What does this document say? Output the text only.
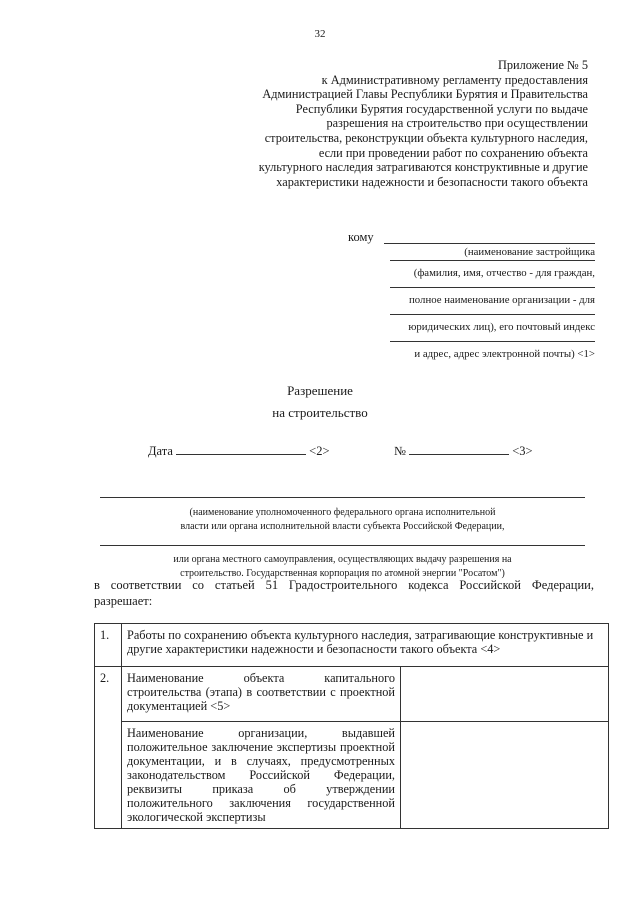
32
Приложение № 5
к Административному регламенту предоставления
Администрацией Главы Республики Бурятия и Правительства
Республики Бурятия государственной услуги по выдаче
разрешения на строительство при осуществлении
строительства, реконструкции объекта культурного наследия,
если при проведении работ по сохранению объекта
культурного наследия затрагиваются конструктивные и другие
характеристики надежности и безопасности такого объекта
кому
(наименование застройщика
(фамилия, имя, отчество - для граждан,
полное наименование организации - для
юридических лиц), его почтовый индекс
и адрес, адрес электронной почты) <1>
Разрешение
на строительство
Дата	<2>	№	<3>
(наименование уполномоченного федерального органа исполнительной
власти или органа исполнительной власти субъекта Российской Федерации,
или органа местного самоуправления, осуществляющих выдачу разрешения на
строительство. Государственная корпорация по атомной энергии "Росатом")
в соответствии со статьей 51 Градостроительного кодекса Российской Федерации,
разрешает:
1.	Работы по сохранению объекта культурного наследия, затрагивающие конструктивные и другие характеристики надежности и безопасности такого объекта <4>	
2.	Наименование объекта капитального строительства (этапа) в соответствии с проектной документацией <5>	
	Наименование организации, выдавшей положительное заключение экспертизы проектной документации, и в случаях, предусмотренных законодательством Российской Федерации, реквизиты приказа об утверждении положительного заключения государственной экологической экспертизы	
